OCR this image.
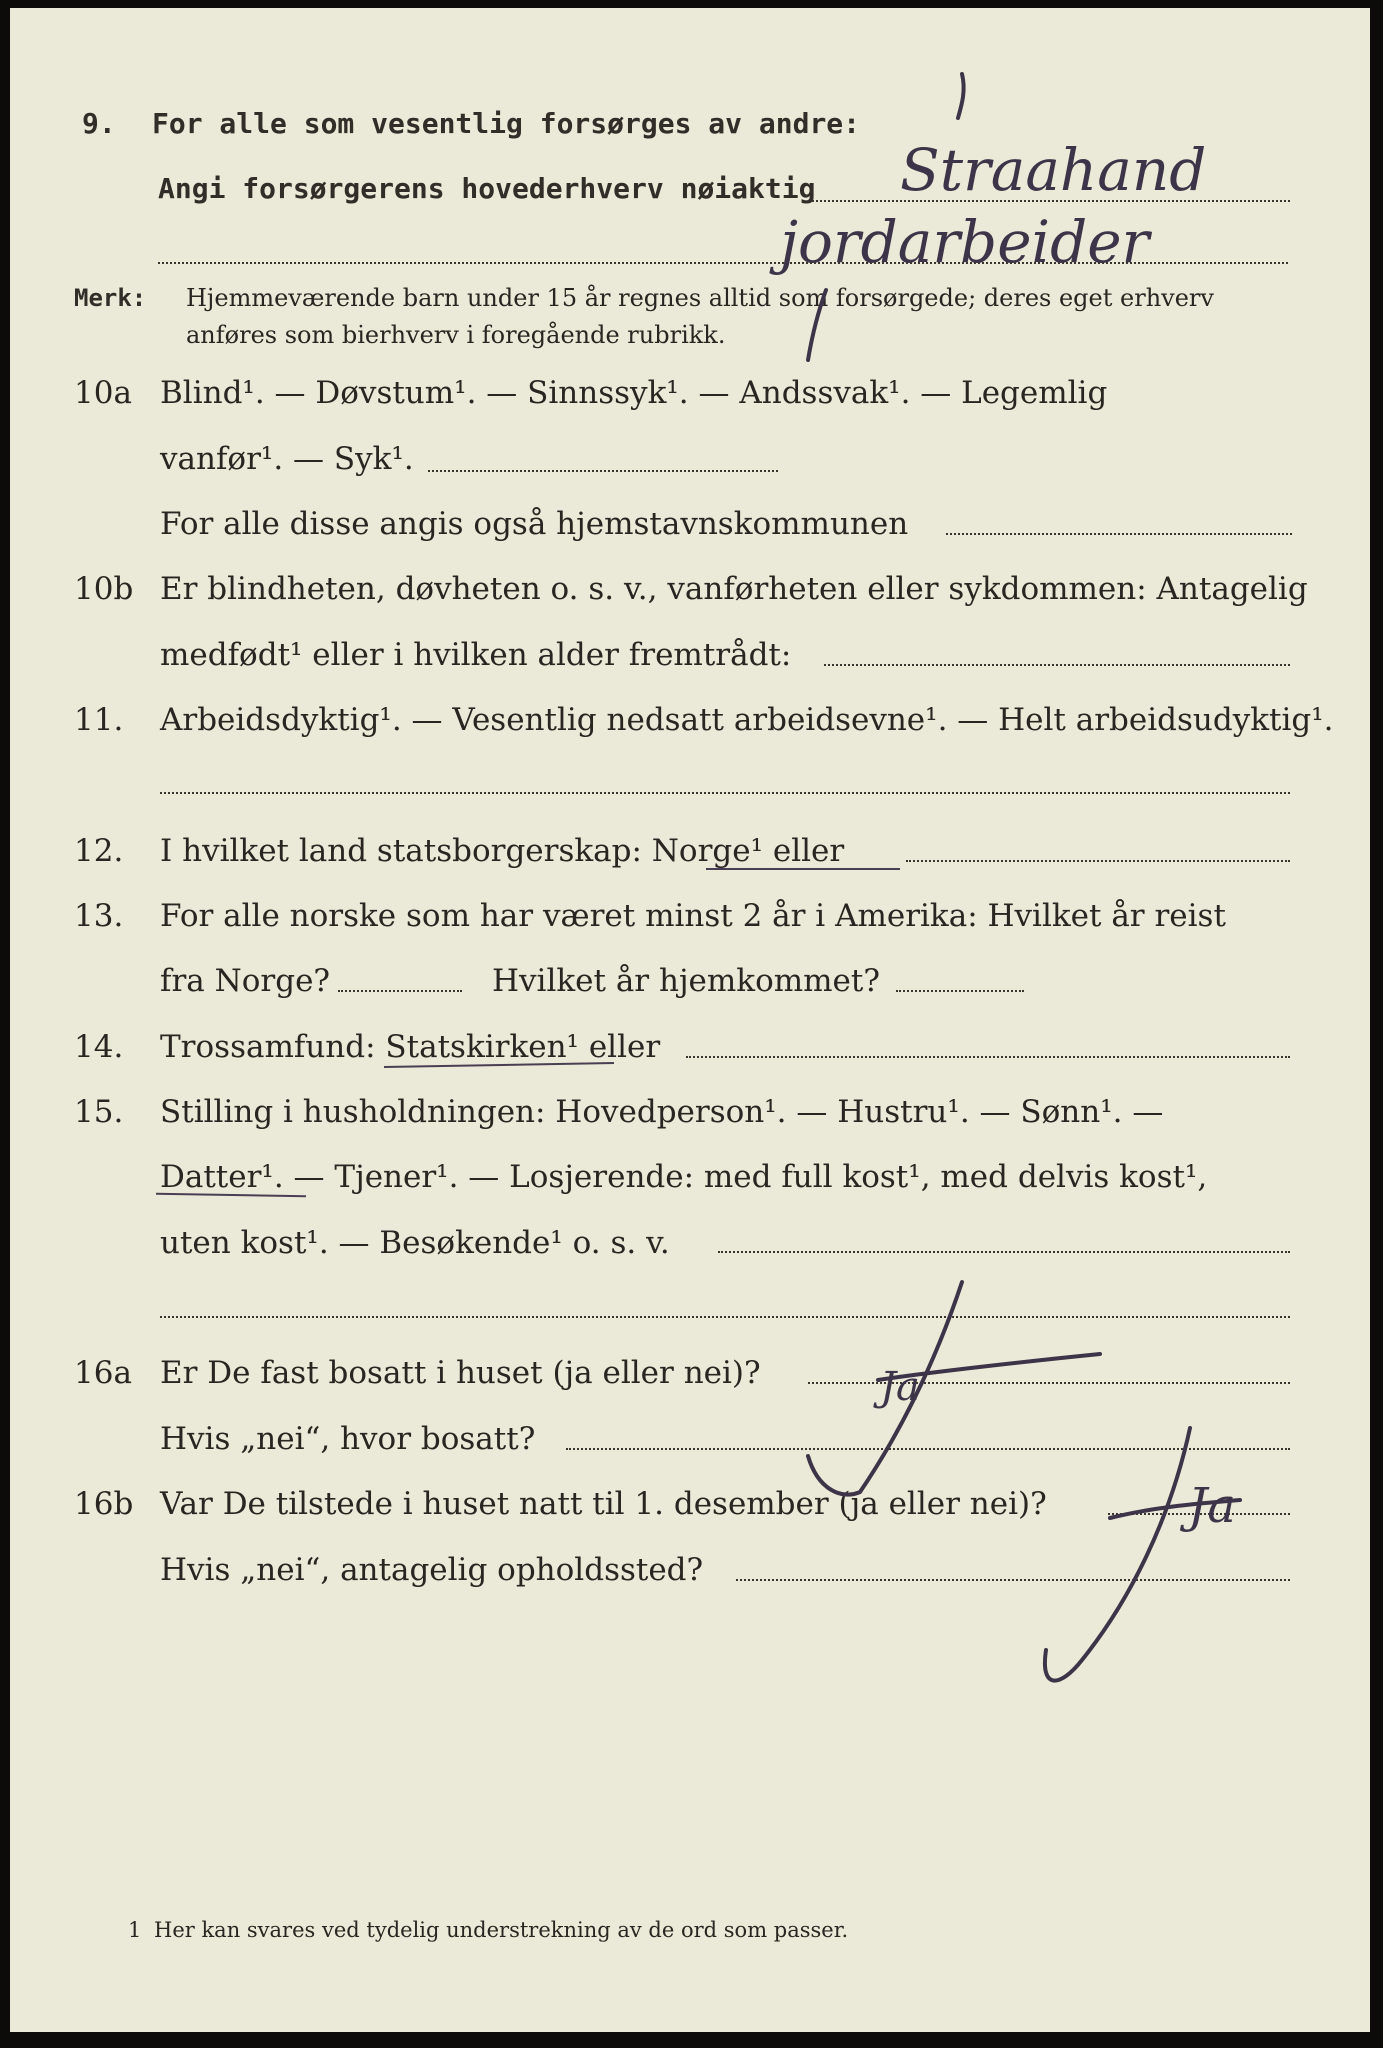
9. For alle som vesentlig forsørges av andre:
Angi forsørgerens hovederhverv nøiaktig
Merk: Hjemmeværende barn under 15 år regnes alltid som forsørgede; deres eget erhverv
anføres som bierhverv i foregående rubrikk.
10a Blind¹. — Døvstum¹. — Sinnssyk¹. — Andssvak¹. — Legemlig
vanfør¹. — Syk¹.
For alle disse angis også hjemstavnskommunen
10b Er blindheten, døvheten o. s. v., vanførheten eller sykdommen: Antagelig
medfødt¹ eller i hvilken alder fremtrådt:
11. Arbeidsdyktig¹. — Vesentlig nedsatt arbeidsevne¹. — Helt arbeidsudyktig¹.
12. I hvilket land statsborgerskap: Norge¹ eller
13. For alle norske som har været minst 2 år i Amerika: Hvilket år reist
fra Norge?	Hvilket år hjemkommet?
14. Trossamfund: Statskirken¹ eller
15. Stilling i husholdningen: Hovedperson¹. — Hustru¹. — Sønn¹. —
Datter¹. — Tjener¹. — Losjerende: med full kost¹, med delvis kost¹,
uten kost¹. — Besøkende¹ o. s. v.
16a Er De fast bosatt i huset (ja eller nei)?
Hvis „nei“, hvor bosatt?
16b Var De tilstede i huset natt til 1. desember (ja eller nei)?
Hvis „nei“, antagelig opholdssted?
1 Her kan svares ved tydelig understrekning av de ord som passer.
Straahand
jordarbeider
Ja
Ja
